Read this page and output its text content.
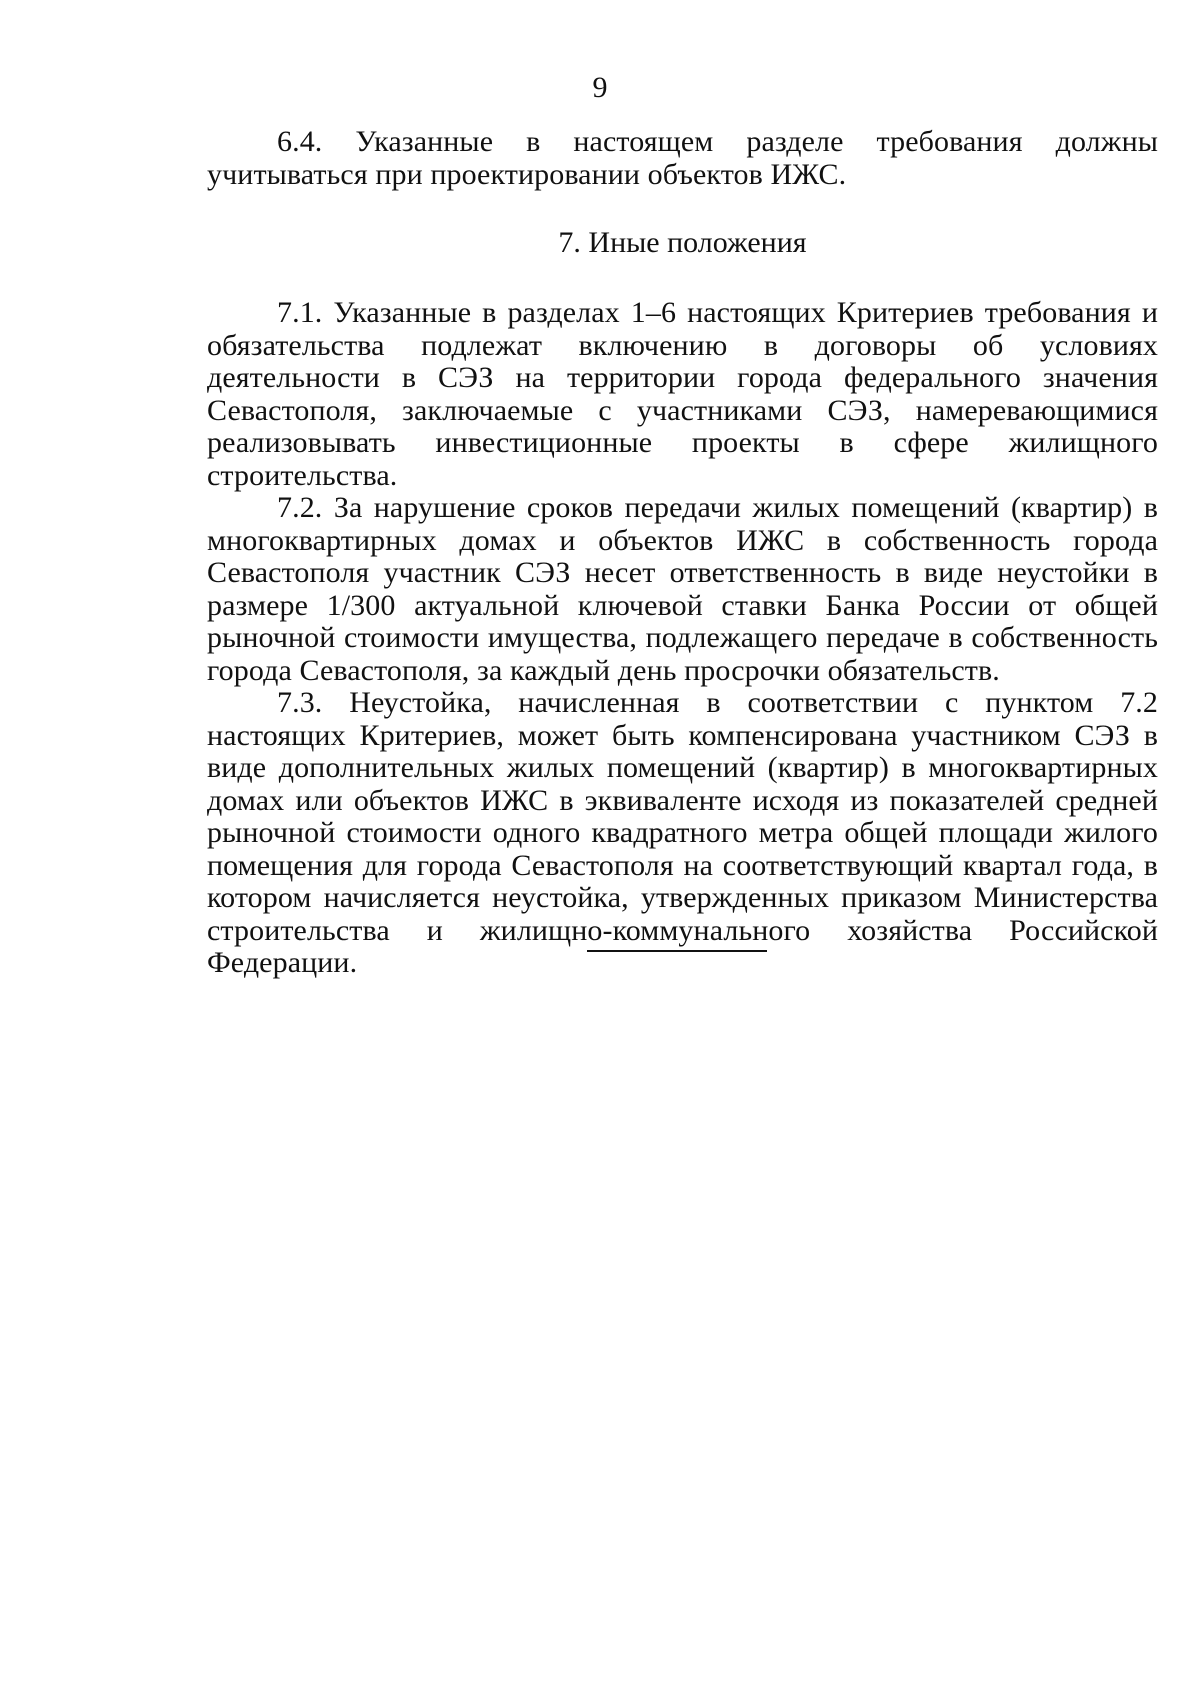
9

6.4. Указанные в настоящем разделе требования должны учитываться при проектировании объектов ИЖС.

7. Иные положения

7.1. Указанные в разделах 1–6 настоящих Критериев требования и обязательства подлежат включению в договоры об условиях деятельности в СЭЗ на территории города федерального значения Севастополя, заключаемые с участниками СЭЗ, намеревающимися реализовывать инвестиционные проекты в сфере жилищного строительства.

7.2. За нарушение сроков передачи жилых помещений (квартир) в многоквартирных домах и объектов ИЖС в собственность города Севастополя участник СЭЗ несет ответственность в виде неустойки в размере 1/300 актуальной ключевой ставки Банка России от общей рыночной стоимости имущества, подлежащего передаче в собственность города Севастополя, за каждый день просрочки обязательств.

7.3. Неустойка, начисленная в соответствии с пунктом 7.2 настоящих Критериев, может быть компенсирована участником СЭЗ в виде дополнительных жилых помещений (квартир) в многоквартирных домах или объектов ИЖС в эквиваленте исходя из показателей средней рыночной стоимости одного квадратного метра общей площади жилого помещения для города Севастополя на соответствующий квартал года, в котором начисляется неустойка, утвержденных приказом Министерства строительства и жилищно-коммунального хозяйства Российской Федерации.
